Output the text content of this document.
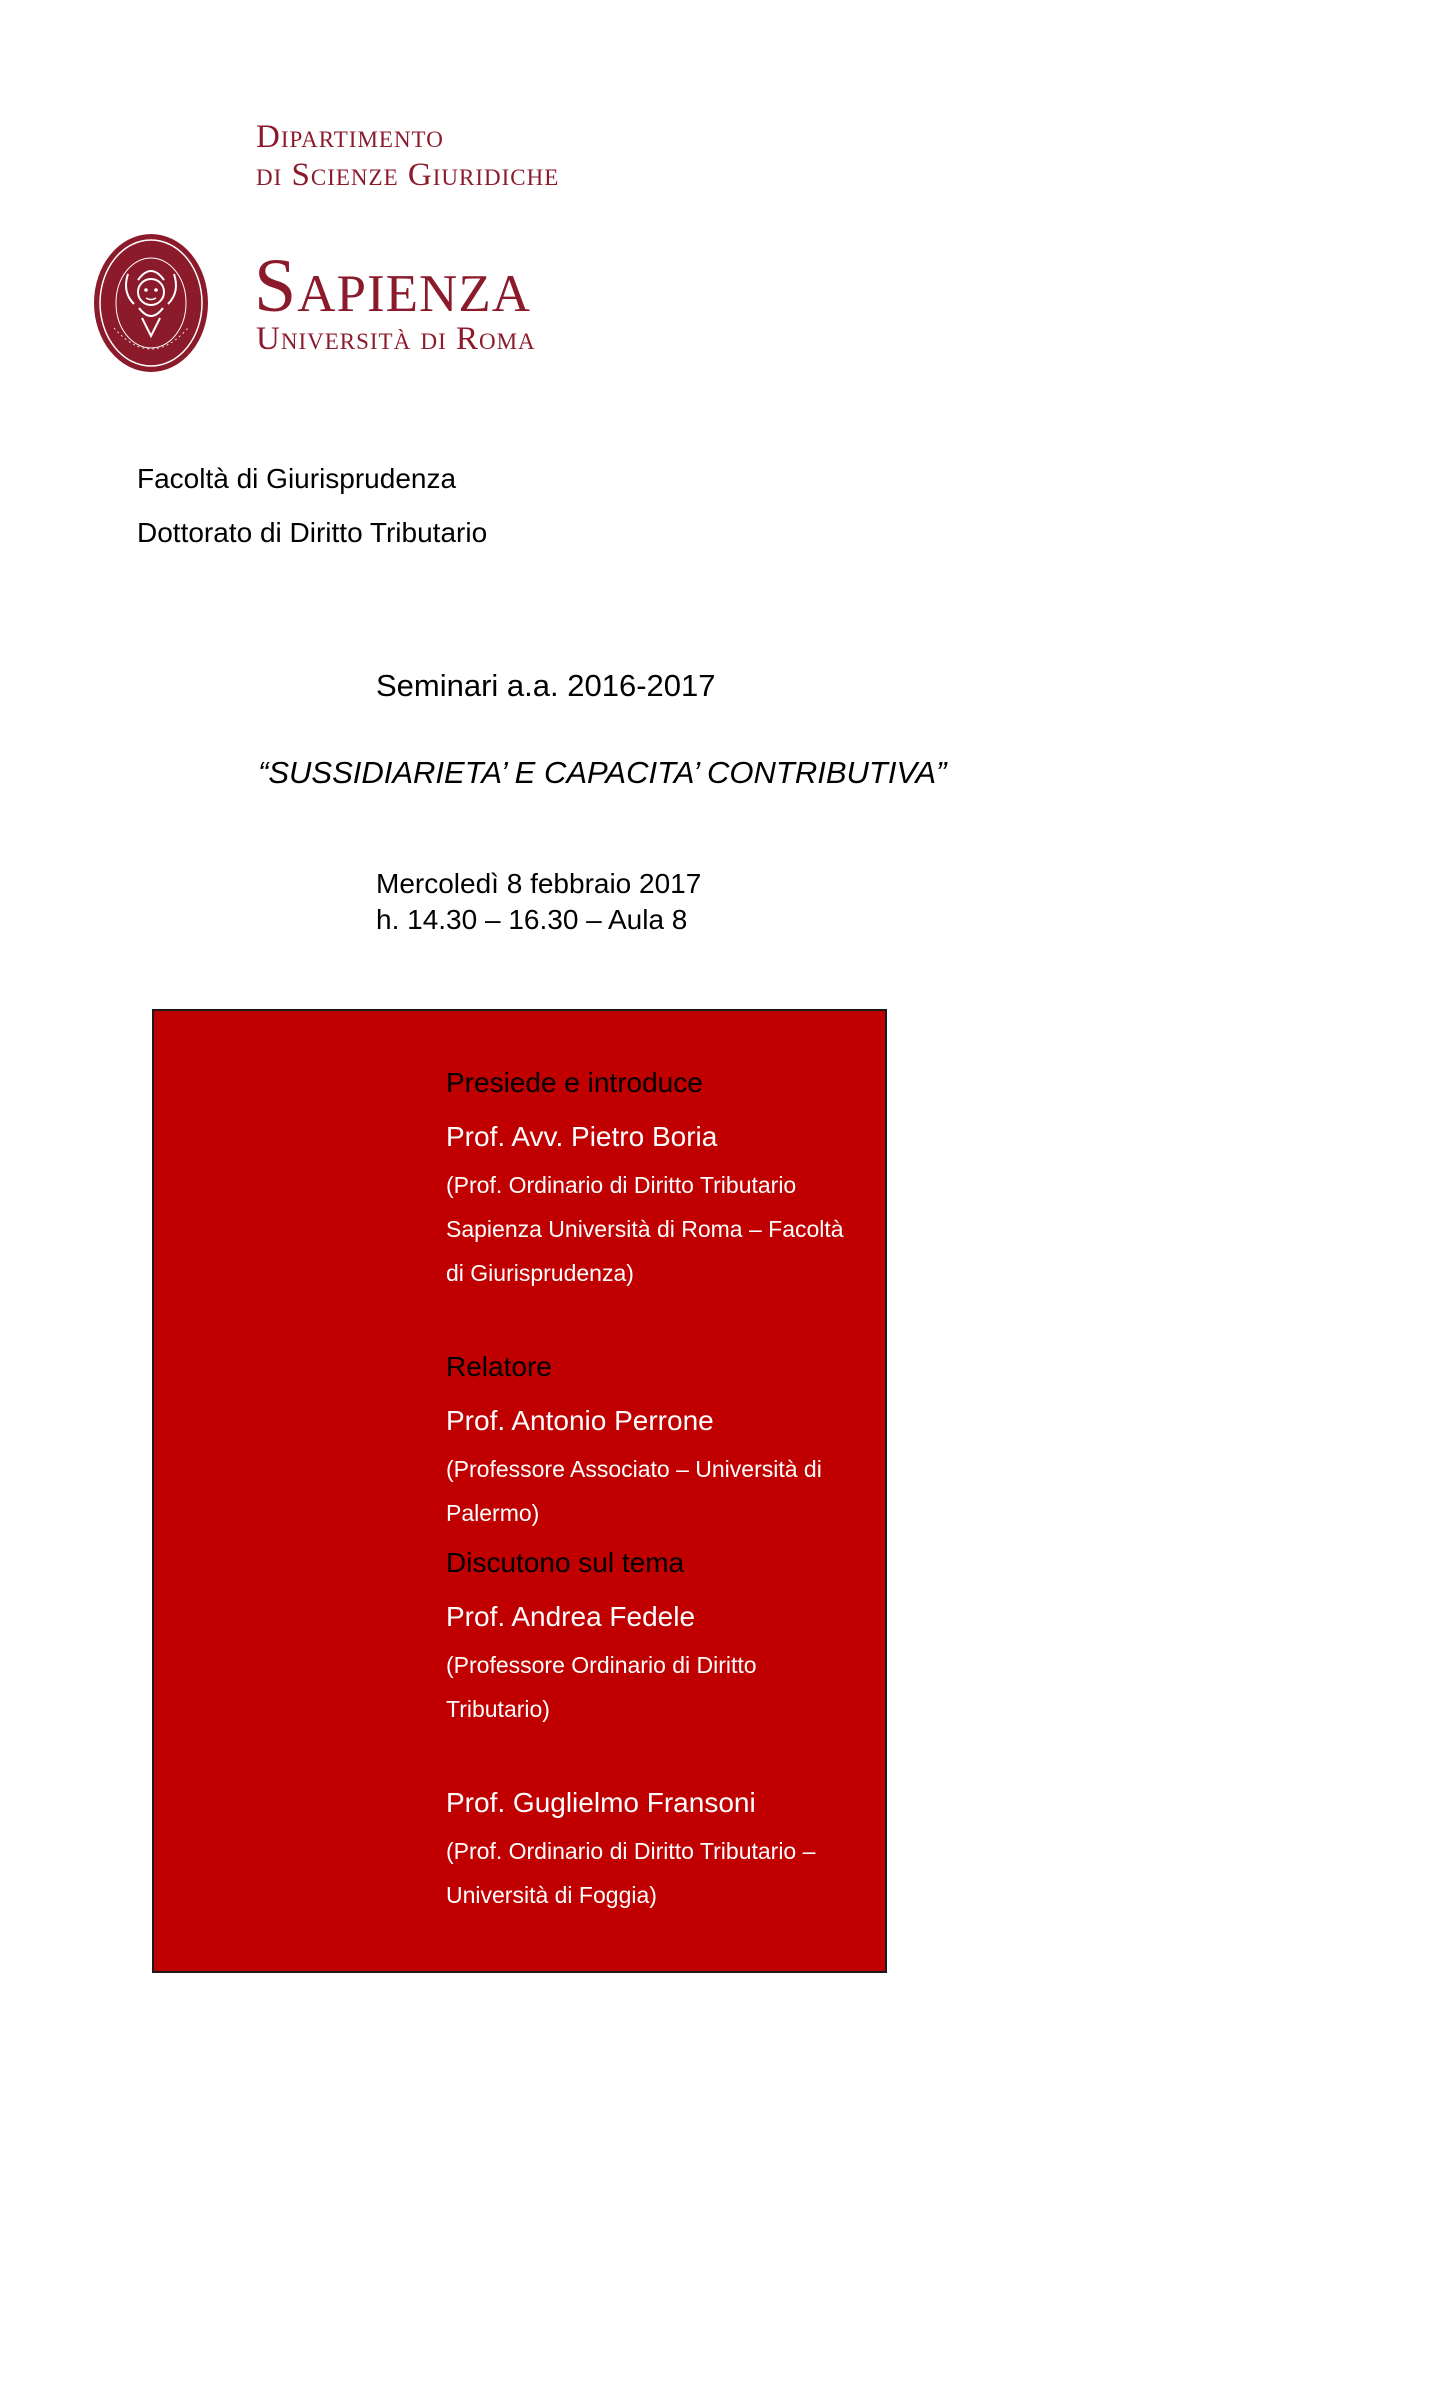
Dipartimento
di Scienze Giuridiche
Sapienza
Università di Roma
Facoltà di Giurisprudenza
Dottorato di Diritto Tributario
Seminari a.a. 2016-2017
“SUSSIDIARIETA’ E CAPACITA’ CONTRIBUTIVA”
Mercoledì 8 febbraio 2017
h. 14.30 – 16.30 – Aula 8
Presiede e introduce
Prof. Avv. Pietro Boria
(Prof. Ordinario di Diritto Tributario Sapienza Università di Roma – Facoltà di Giurisprudenza)
Relatore
Prof. Antonio Perrone
(Professore Associato – Università di Palermo)
Discutono sul tema
Prof. Andrea Fedele
(Professore Ordinario di Diritto Tributario)
Prof. Guglielmo Fransoni
(Prof. Ordinario di Diritto Tributario – Università di Foggia)
